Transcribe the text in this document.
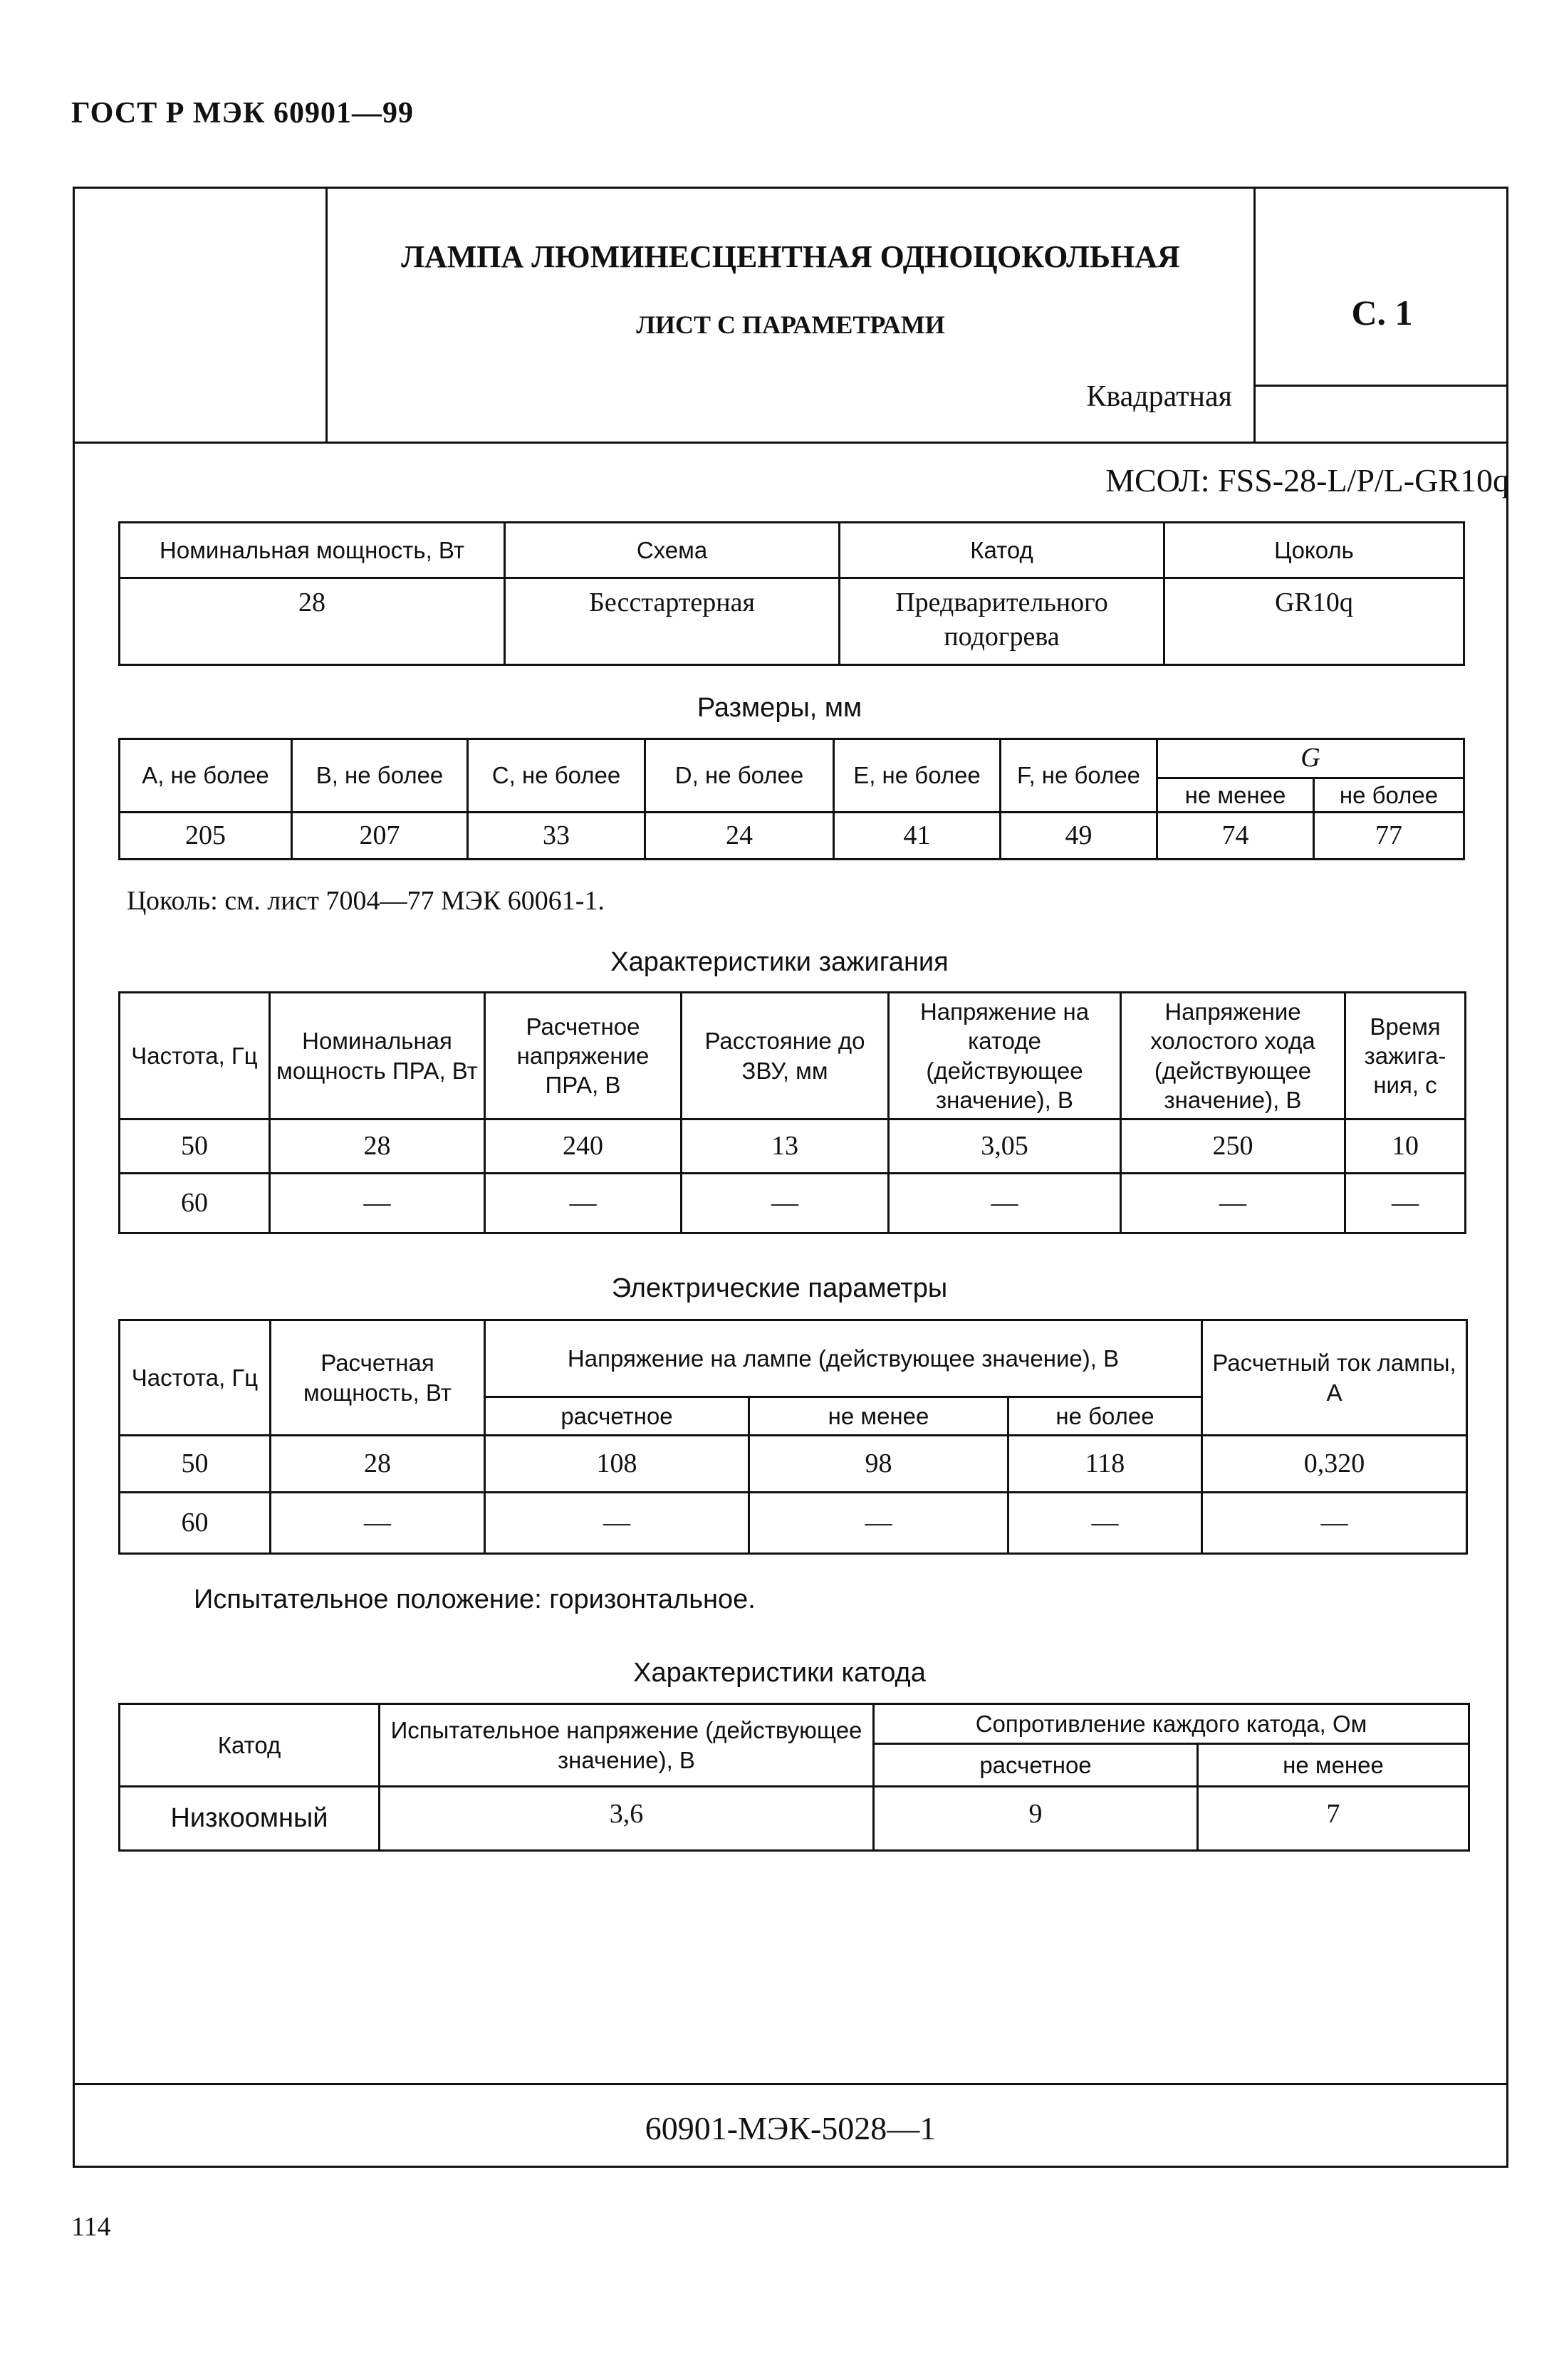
ГОСТ Р МЭК 60901—99
ЛАМПА ЛЮМИНЕСЦЕНТНАЯ ОДНОЦОКОЛЬНАЯ
ЛИСТ С ПАРАМЕТРАМИ
Квадратная
С. 1
МСОЛ: FSS-28-L/P/L-GR10q
Номинальная мощность, Вт	Схема	Катод	Цоколь
28	Бесстартерная	Предварительного подогрева	GR10q
Размеры, мм
A, не более	B, не более	C, не более	D, не более	E, не более	F, не более	G	
						не менее	не более
205	207	33	24	41	49	74	77
Цоколь: см. лист 7004—77 МЭК 60061-1.
Характеристики зажигания
Частота, Гц	Номинальная мощность ПРА, Вт	Расчетное напряжение ПРА, В	Расстояние до ЗВУ, мм	Напряжение на катоде (действующее значение), В	Напряжение холостого хода (действующее значение), В	Время зажига-ния, с
50	28	240	13	3,05	250	10
60	—	—	—	—	—	—
Электрические параметры
Частота, Гц	Расчетная мощность, Вт	Напряжение на лампе (действующее значение), В			Расчетный ток лампы, А
		расчетное	не менее	не более	
50	28	108	98	118	0,320
60	—	—	—	—	—
Испытательное положение: горизонтальное.
Характеристики катода
Катод	Испытательное напряжение (действующее значение), В	Сопротивление каждого катода, Ом	
		расчетное	не менее
Низкоомный	3,6	9	7
60901-МЭК-5028—1
114
